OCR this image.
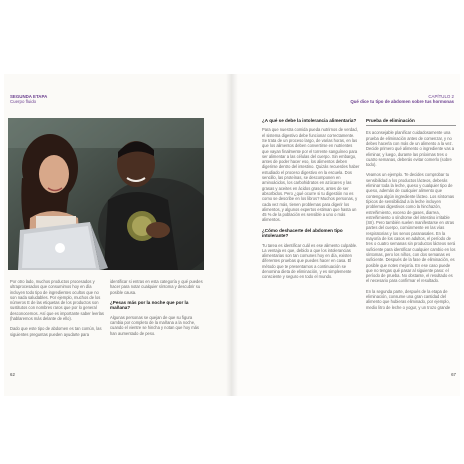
SEGUNDA ETAPA
Cuerpo fluido
CAPÍTULO 2
Qué dice tu tipo de abdomen sobre tus hormonas

Por otro lado, muchos productos procesados y ultraprocesados que consumimos hoy en día incluyen todo tipo de ingredientes ocultos que no son nada saludables. Por ejemplo, muchos de los números E de las etiquetas de los productos son sustitutos con nombres raros que por lo general desconocemos. Así que es importante saber leerlas (hablaremos más delante de ello).

Dado que este tipo de abdomen es tan común, las siguientes preguntas pueden ayudarte para

identificar si entras en esta categoría y qué puedes hacer para notar cualquier síntoma y descubrir su posible causa.

¿Pesas más por la noche que por la mañana?

Algunas personas se quejan de que su figura cambia por completo de la mañana a la noche, cuando el vientre se hincha y notan que hoy más han aumentado de peso.

¿A qué se debe la intolerancia alimentaria?

Para que nuestra comida pueda nutrirnos de verdad, el sistema digestivo debe funcionar correctamente. Se trata de un proceso largo, de varias horas, en las que los alimentos deben convertirse en nutrientes que vayan finalmente por el torrente sanguíneo para ser alimentar a las células del cuerpo. Sin embargo, antes de poder hacer eso, los alimentos deben digerirse dentro del intestino. Quizás recuerdes haber estudiado el proceso digestivo en la escuela. Dos sencillo, las proteínas, se descomponen en aminoácidos, los carbohidratos en azúcares y las grasas y aceites en ácidos grasos, antes de ser absorbidos. Pero ¿qué ocurre si tu digestión no es como se describe en los libros? Muchos personas, y cada vez más, tienen problemas para digerir los alimentos, y algunos expertos estiman que hasta un 45 % de la población es sensible a uno o más alimentos.

¿Cómo deshacerte del abdomen tipo intolerante?

Tu tarea es identificar cuál es ese alimento culpable. La ventaja es que, debido a que los intolerancias alimentarias son tan comunes hoy en día, existen diferentes pruebas que puedes hacer en casa. El método que te presentamos a continuación se denomina dieta de eliminación, y es simplemente consciente y seguro en todo el mundo.

Prueba de eliminación

Es aconsejable planificar cuidadosamente una prueba de eliminación antes de comenzar, y no debes hacerla con más de un alimento a la vez. Decide primero qué alimento o ingrediente vas a eliminar, y luego, durante las próximas tres o cuatro semanas, deberás evitar comerlo (sobre todo).

Veamos un ejemplo. Te decides comprobar tu sensibilidad a los productos lácteos, deberás eliminar toda la leche, queso y cualquier tipo de queso, además de cualquier alimento que contenga algún ingrediente lácteo. Los síntomas típicos de sensibilidad a la leche incluyen problemas digestivos como la hinchazón, estreñimiento, exceso de gases, diarrea, estreñimiento o síndrome del intestino irritable (SII). Pero también suelen manifestarse en otras partes del cuerpo, comúnmente en las vías respiratorias y los senos paranasales. En la mayoría de los casos en adultos, el período de tres o cuatro semanas sin productos lácteos será suficiente para identificar cualquier cambio en los síntomas, pero los niños, con dos semanas es suficiente. Después de la fase de eliminación, es posible que notes mejoría. En ese caso puede que no tengas qué pasar al siguiente paso: el período de prueba. No obstante, el resultado es el necesario para confirmar el resultado.

En la segunda parte, después de la etapa de eliminación, consume una gran cantidad del alimento que hubieras eliminado, por ejemplo, medio litro de leche o yogur, y un trozo grande

62	67
